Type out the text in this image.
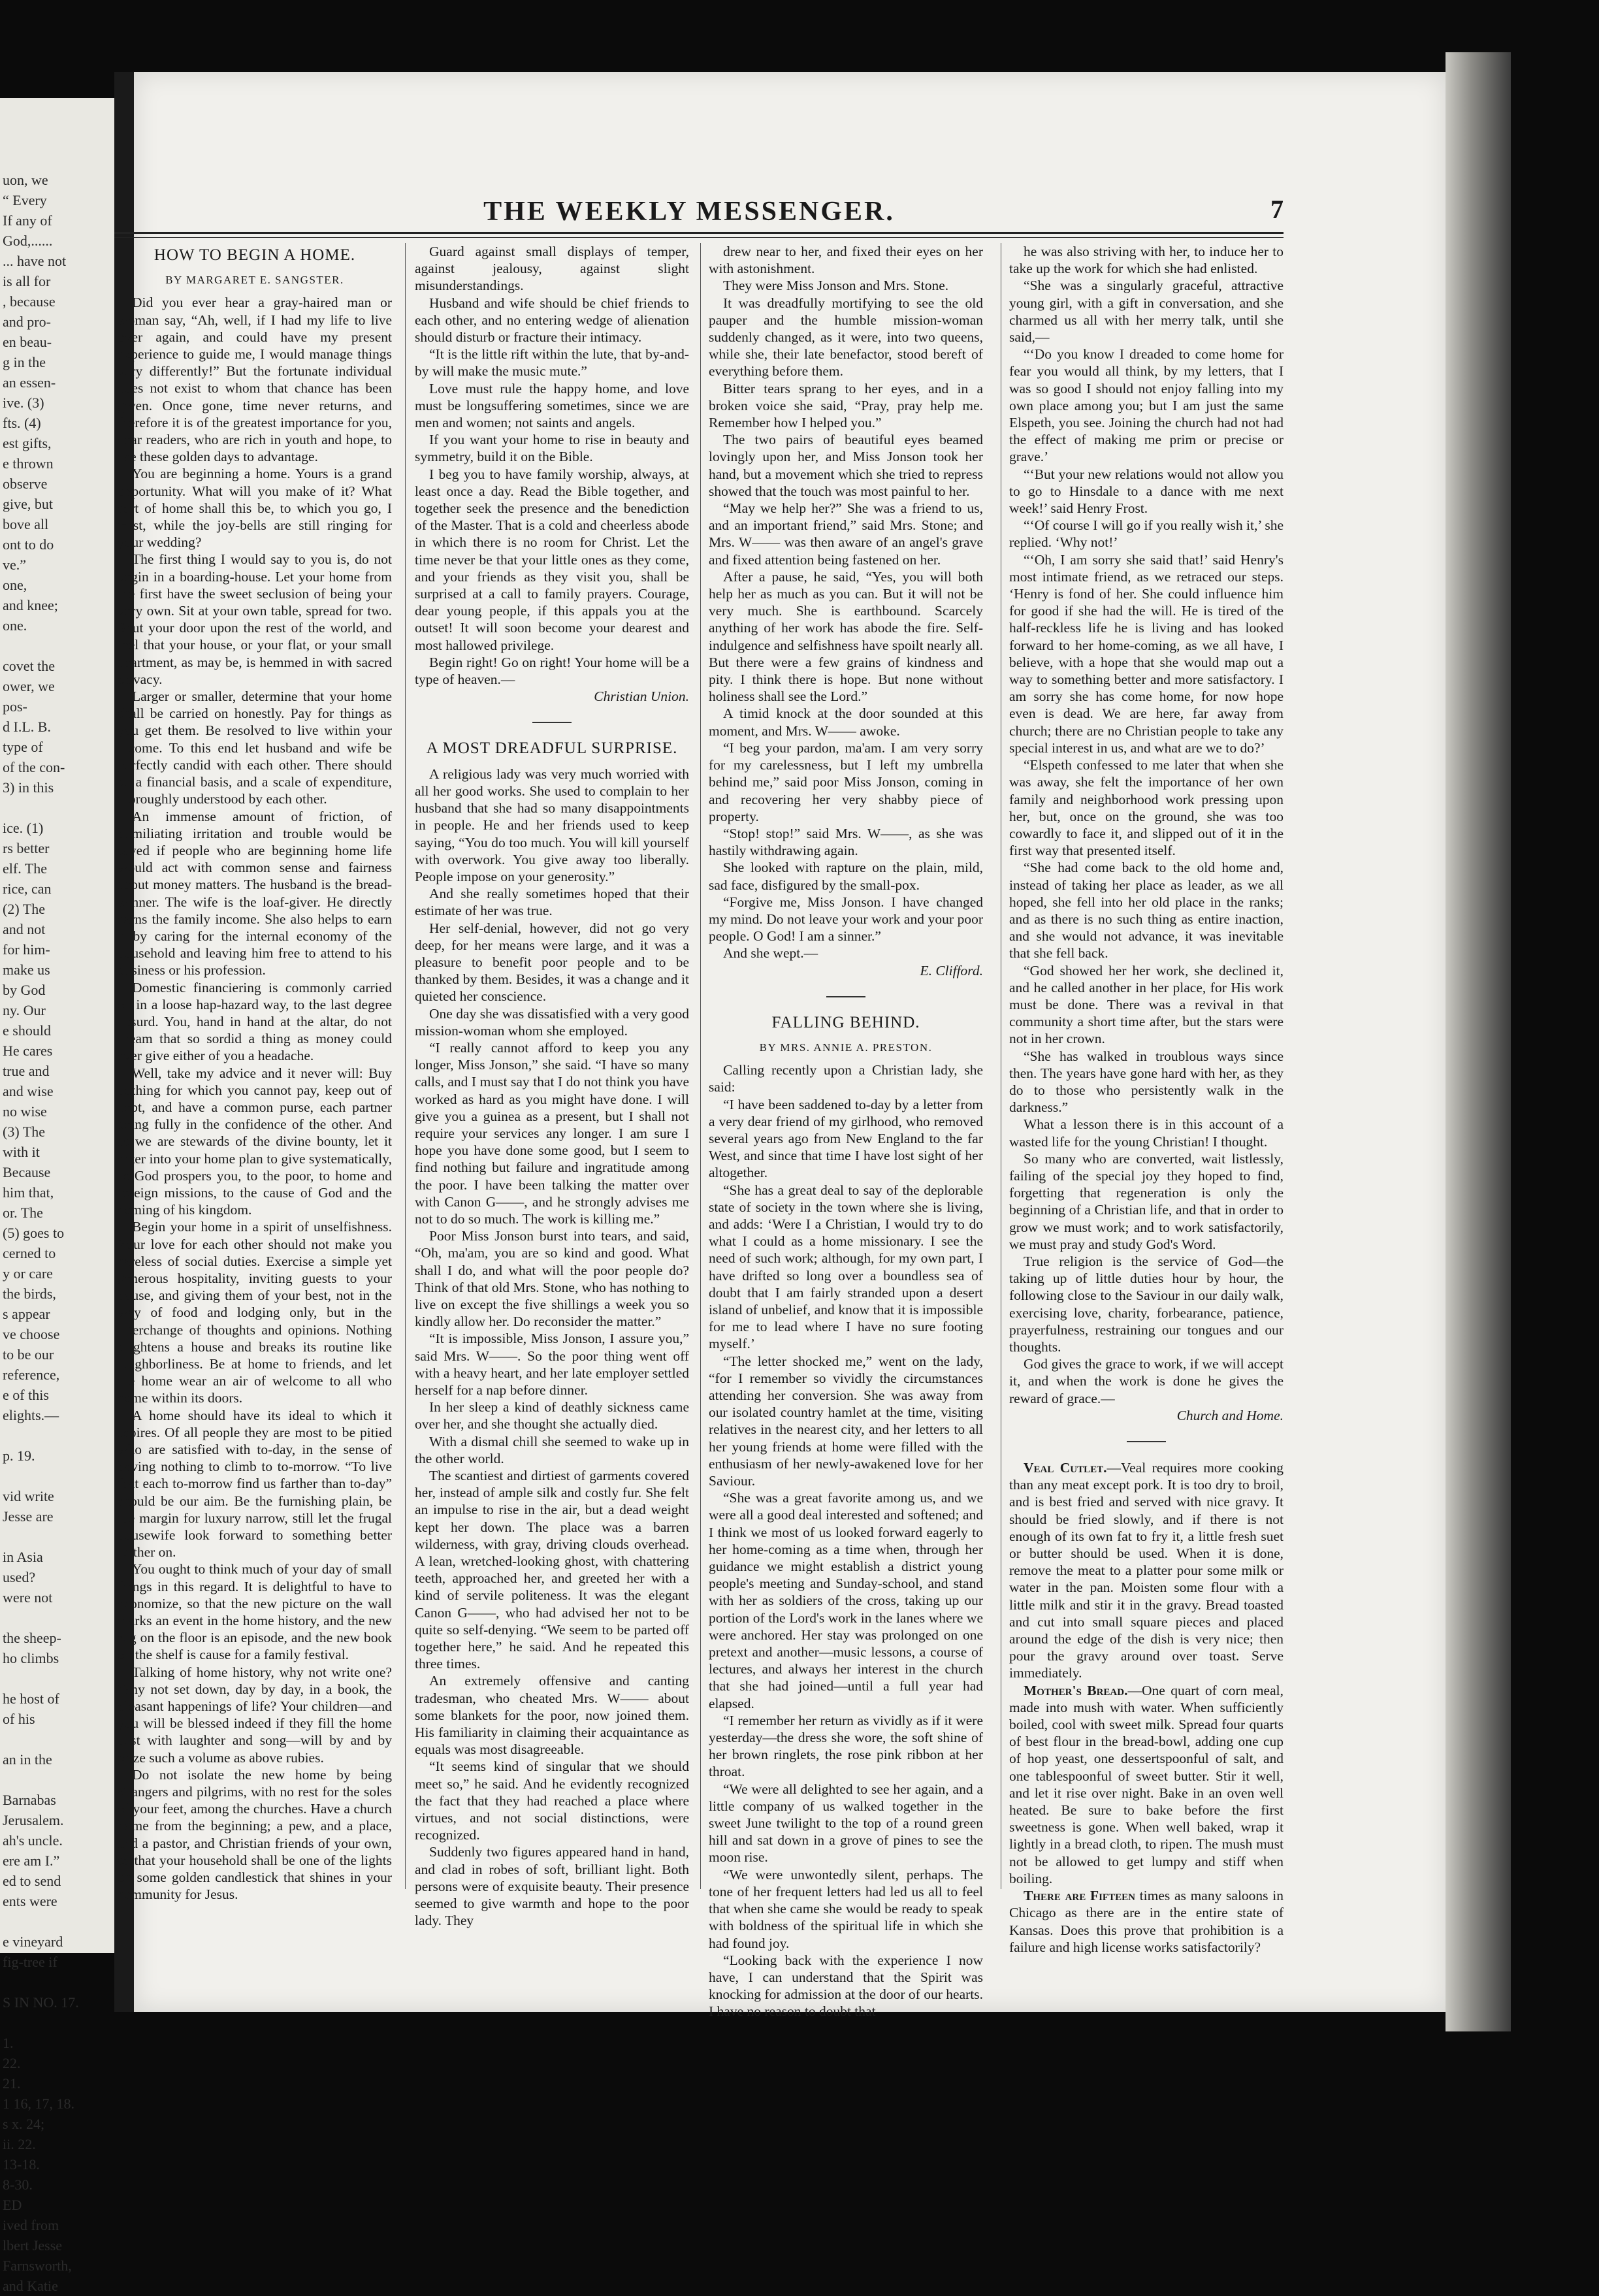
uon, we
“ Every
If any of
God,......
... have not
is all for
, because
and pro-
en beau-
g in the
an essen-
ive. (3)
fts. (4)
est gifts,
e thrown
observe
give, but
bove all
ont to do
ve.”
one,
and knee;
one.

covet the
ower, we
pos-
d I.L. B.
type of
of the con-
3) in this

ice. (1)
rs better
elf. The
rice, can
(2) The
and not
for him-
make us
by God
ny. Our
e should
He cares
true and
and wise
no wise
(3) The
with it
Because
him that,
or. The
(5) goes to
cerned to
y or care
the birds,
s appear
ve choose
to be our
reference,
e of this
elights.—

p. 19.

vid write
Jesse are

in Asia
used?
were not

the sheep-
ho climbs

he host of
of his

an in the

Barnabas
Jerusalem.
ah's uncle.
ere am I.”
ed to send
ents were

e vineyard
fig-tree if

S IN NO. 17.

1.
22.
21.
1 16, 17, 18.
s x. 24;
ii. 22.
13-18.
8-30.
ED
ived from
lbert Jesse
Farnsworth,
and Katie
THE WEEKLY MESSENGER.	7
HOW TO BEGIN A HOME.
BY MARGARET E. SANGSTER.

Did you ever hear a gray-haired man or woman say, “Ah, well, if I had my life to live over again, and could have my present experience to guide me, I would manage things very differently!” But the fortunate individual does not exist to whom that chance has been given. Once gone, time never returns, and therefore it is of the greatest importance for you, dear readers, who are rich in youth and hope, to use these golden days to advantage.

You are beginning a home. Yours is a grand opportunity. What will you make of it? What sort of home shall this be, to which you go, I trust, while the joy-bells are still ringing for your wedding?

The first thing I would say to you is, do not begin in a boarding-house. Let your home from the first have the sweet seclusion of being your very own. Sit at your own table, spread for two. Shut your door upon the rest of the world, and feel that your house, or your flat, or your small apartment, as may be, is hemmed in with sacred privacy.

Larger or smaller, determine that your home shall be carried on honestly. Pay for things as you get them. Be resolved to live within your income. To this end let husband and wife be perfectly candid with each other. There should be a financial basis, and a scale of expenditure, thoroughly understood by each other.

An immense amount of friction, of humiliating irritation and trouble would be saved if people who are beginning home life would act with common sense and fairness about money matters. The husband is the bread-winner. The wife is the loaf-giver. He directly earns the family income. She also helps to earn it by caring for the internal economy of the household and leaving him free to attend to his business or his profession.

Domestic financiering is commonly carried on in a loose hap-hazard way, to the last degree absurd. You, hand in hand at the altar, do not dream that so sordid a thing as money could ever give either of you a headache.

Well, take my advice and it never will: Buy nothing for which you cannot pay, keep out of debt, and have a common purse, each partner being fully in the confidence of the other. And as we are stewards of the divine bounty, let it enter into your home plan to give systematically, as God prospers you, to the poor, to home and foreign missions, to the cause of God and the coming of his kingdom.

Begin your home in a spirit of unselfishness. Your love for each other should not make you careless of social duties. Exercise a simple yet generous hospitality, inviting guests to your house, and giving them of your best, not in the way of food and lodging only, but in the interchange of thoughts and opinions. Nothing brightens a house and breaks its routine like neighborliness. Be at home to friends, and let the home wear an air of welcome to all who come within its doors.

A home should have its ideal to which it aspires. Of all people they are most to be pitied who are satisfied with to-day, in the sense of having nothing to climb to to-morrow. “To live that each to-morrow find us farther than to-day” should be our aim. Be the furnishing plain, be the margin for luxury narrow, still let the frugal housewife look forward to something better farther on.

You ought to think much of your day of small things in this regard. It is delightful to have to economize, so that the new picture on the wall marks an event in the home history, and the new rug on the floor is an episode, and the new book on the shelf is cause for a family festival.

Talking of home history, why not write one? Why not set down, day by day, in a book, the pleasant happenings of life? Your children—and you will be blessed indeed if they fill the home nest with laughter and song—will by and by prize such a volume as above rubies.

Do not isolate the new home by being strangers and pilgrims, with no rest for the soles of your feet, among the churches. Have a church home from the beginning; a pew, and a place, and a pastor, and Christian friends of your own, so that your household shall be one of the lights on some golden candlestick that shines in your community for Jesus.

Guard against small displays of temper, against jealousy, against slight misunderstandings.

Husband and wife should be chief friends to each other, and no entering wedge of alienation should disturb or fracture their intimacy.

“It is the little rift within the lute, that by-and-by will make the music mute.”

Love must rule the happy home, and love must be longsuffering sometimes, since we are men and women; not saints and angels.

If you want your home to rise in beauty and symmetry, build it on the Bible.

I beg you to have family worship, always, at least once a day. Read the Bible together, and together seek the presence and the benediction of the Master. That is a cold and cheerless abode in which there is no room for Christ. Let the time never be that your little ones as they come, and your friends as they visit you, shall be surprised at a call to family prayers. Courage, dear young people, if this appals you at the outset! It will soon become your dearest and most hallowed privilege.

Begin right! Go on right! Your home will be a type of heaven.—

Christian Union.

A MOST DREADFUL SURPRISE.

A religious lady was very much worried with all her good works. She used to complain to her husband that she had so many disappointments in people. He and her friends used to keep saying, “You do too much. You will kill yourself with overwork. You give away too liberally. People impose on your generosity.”

And she really sometimes hoped that their estimate of her was true.

Her self-denial, however, did not go very deep, for her means were large, and it was a pleasure to benefit poor people and to be thanked by them. Besides, it was a change and it quieted her conscience.

One day she was dissatisfied with a very good mission-woman whom she employed.

“I really cannot afford to keep you any longer, Miss Jonson,” she said. “I have so many calls, and I must say that I do not think you have worked as hard as you might have done. I will give you a guinea as a present, but I shall not require your services any longer. I am sure I hope you have done some good, but I seem to find nothing but failure and ingratitude among the poor. I have been talking the matter over with Canon G——, and he strongly advises me not to do so much. The work is killing me.”

Poor Miss Jonson burst into tears, and said, “Oh, ma'am, you are so kind and good. What shall I do, and what will the poor people do? Think of that old Mrs. Stone, who has nothing to live on except the five shillings a week you so kindly allow her. Do reconsider the matter.”

“It is impossible, Miss Jonson, I assure you,” said Mrs. W——. So the poor thing went off with a heavy heart, and her late employer settled herself for a nap before dinner.

In her sleep a kind of deathly sickness came over her, and she thought she actually died.

With a dismal chill she seemed to wake up in the other world.

The scantiest and dirtiest of garments covered her, instead of ample silk and costly fur. She felt an impulse to rise in the air, but a dead weight kept her down. The place was a barren wilderness, with gray, driving clouds overhead. A lean, wretched-looking ghost, with chattering teeth, approached her, and greeted her with a kind of servile politeness. It was the elegant Canon G——, who had advised her not to be quite so self-denying. “We seem to be parted off together here,” he said. And he repeated this three times.

An extremely offensive and canting tradesman, who cheated Mrs. W—— about some blankets for the poor, now joined them. His familiarity in claiming their acquaintance as equals was most disagreeable.

“It seems kind of singular that we should meet so,” he said. And he evidently recognized the fact that they had reached a place where virtues, and not social distinctions, were recognized.

Suddenly two figures appeared hand in hand, and clad in robes of soft, brilliant light. Both persons were of exquisite beauty. Their presence seemed to give warmth and hope to the poor lady. They

drew near to her, and fixed their eyes on her with astonishment.

They were Miss Jonson and Mrs. Stone.

It was dreadfully mortifying to see the old pauper and the humble mission-woman suddenly changed, as it were, into two queens, while she, their late benefactor, stood bereft of everything before them.

Bitter tears sprang to her eyes, and in a broken voice she said, “Pray, pray help me. Remember how I helped you.”

The two pairs of beautiful eyes beamed lovingly upon her, and Miss Jonson took her hand, but a movement which she tried to repress showed that the touch was most painful to her.

“May we help her?” She was a friend to us, and an important friend,” said Mrs. Stone; and Mrs. W—— was then aware of an angel's grave and fixed attention being fastened on her.

After a pause, he said, “Yes, you will both help her as much as you can. But it will not be very much. She is earthbound. Scarcely anything of her work has abode the fire. Self-indulgence and selfishness have spoilt nearly all. But there were a few grains of kindness and pity. I think there is hope. But none without holiness shall see the Lord.”

A timid knock at the door sounded at this moment, and Mrs. W—— awoke.

“I beg your pardon, ma'am. I am very sorry for my carelessness, but I left my umbrella behind me,” said poor Miss Jonson, coming in and recovering her very shabby piece of property.

“Stop! stop!” said Mrs. W——, as she was hastily withdrawing again.

She looked with rapture on the plain, mild, sad face, disfigured by the small-pox.

“Forgive me, Miss Jonson. I have changed my mind. Do not leave your work and your poor people. O God! I am a sinner.”

And she wept.—

E. Clifford.

FALLING BEHIND.
BY MRS. ANNIE A. PRESTON.

Calling recently upon a Christian lady, she said:

“I have been saddened to-day by a letter from a very dear friend of my girlhood, who removed several years ago from New England to the far West, and since that time I have lost sight of her altogether.

“She has a great deal to say of the deplorable state of society in the town where she is living, and adds: ‘Were I a Christian, I would try to do what I could as a home missionary. I see the need of such work; although, for my own part, I have drifted so long over a boundless sea of doubt that I am fairly stranded upon a desert island of unbelief, and know that it is impossible for me to lead where I have no sure footing myself.’

“The letter shocked me,” went on the lady, “for I remember so vividly the circumstances attending her conversion. She was away from our isolated country hamlet at the time, visiting relatives in the nearest city, and her letters to all her young friends at home were filled with the enthusiasm of her newly-awakened love for her Saviour.

“She was a great favorite among us, and we were all a good deal interested and softened; and I think we most of us looked forward eagerly to her home-coming as a time when, through her guidance we might establish a district young people's meeting and Sunday-school, and stand with her as soldiers of the cross, taking up our portion of the Lord's work in the lanes where we were anchored. Her stay was prolonged on one pretext and another—music lessons, a course of lectures, and always her interest in the church that she had joined—until a full year had elapsed.

“I remember her return as vividly as if it were yesterday—the dress she wore, the soft shine of her brown ringlets, the rose pink ribbon at her throat.

“We were all delighted to see her again, and a little company of us walked together in the sweet June twilight to the top of a round green hill and sat down in a grove of pines to see the moon rise.

“We were unwontedly silent, perhaps. The tone of her frequent letters had led us all to feel that when she came she would be ready to speak with boldness of the spiritual life in which she had found joy.

“Looking back with the experience I now have, I can understand that the Spirit was knocking for admission at the door of our hearts. I have no reason to doubt that

he was also striving with her, to induce her to take up the work for which she had enlisted.

“She was a singularly graceful, attractive young girl, with a gift in conversation, and she charmed us all with her merry talk, until she said,—

“‘Do you know I dreaded to come home for fear you would all think, by my letters, that I was so good I should not enjoy falling into my own place among you; but I am just the same Elspeth, you see. Joining the church had not had the effect of making me prim or precise or grave.’

“‘But your new relations would not allow you to go to Hinsdale to a dance with me next week!’ said Henry Frost.

“‘Of course I will go if you really wish it,’ she replied. ‘Why not!’

“‘Oh, I am sorry she said that!’ said Henry's most intimate friend, as we retraced our steps. ‘Henry is fond of her. She could influence him for good if she had the will. He is tired of the half-reckless life he is living and has looked forward to her home-coming, as we all have, I believe, with a hope that she would map out a way to something better and more satisfactory. I am sorry she has come home, for now hope even is dead. We are here, far away from church; there are no Christian people to take any special interest in us, and what are we to do?’

“Elspeth confessed to me later that when she was away, she felt the importance of her own family and neighborhood work pressing upon her, but, once on the ground, she was too cowardly to face it, and slipped out of it in the first way that presented itself.

“She had come back to the old home and, instead of taking her place as leader, as we all hoped, she fell into her old place in the ranks; and as there is no such thing as entire inaction, and she would not advance, it was inevitable that she fell back.

“God showed her her work, she declined it, and he called another in her place, for His work must be done. There was a revival in that community a short time after, but the stars were not in her crown.

“She has walked in troublous ways since then. The years have gone hard with her, as they do to those who persistently walk in the darkness.”

What a lesson there is in this account of a wasted life for the young Christian! I thought.

So many who are converted, wait listlessly, failing of the special joy they hoped to find, forgetting that regeneration is only the beginning of a Christian life, and that in order to grow we must work; and to work satisfactorily, we must pray and study God's Word.

True religion is the service of God—the taking up of little duties hour by hour, the following close to the Saviour in our daily walk, exercising love, charity, forbearance, patience, prayerfulness, restraining our tongues and our thoughts.

God gives the grace to work, if we will accept it, and when the work is done he gives the reward of grace.—

Church and Home.

Veal Cutlet.—Veal requires more cooking than any meat except pork. It is too dry to broil, and is best fried and served with nice gravy. It should be fried slowly, and if there is not enough of its own fat to fry it, a little fresh suet or butter should be used. When it is done, remove the meat to a platter pour some milk or water in the pan. Moisten some flour with a little milk and stir it in the gravy. Bread toasted and cut into small square pieces and placed around the edge of the dish is very nice; then pour the gravy around over toast. Serve immediately.

Mother's Bread.—One quart of corn meal, made into mush with water. When sufficiently boiled, cool with sweet milk. Spread four quarts of best flour in the bread-bowl, adding one cup of hop yeast, one dessertspoonful of salt, and one tablespoonful of sweet butter. Stir it well, and let it rise over night. Bake in an oven well heated. Be sure to bake before the first sweetness is gone. When well baked, wrap it lightly in a bread cloth, to ripen. The mush must not be allowed to get lumpy and stiff when boiling.

There are Fifteen times as many saloons in Chicago as there are in the entire state of Kansas. Does this prove that prohibition is a failure and high license works satisfactorily?
